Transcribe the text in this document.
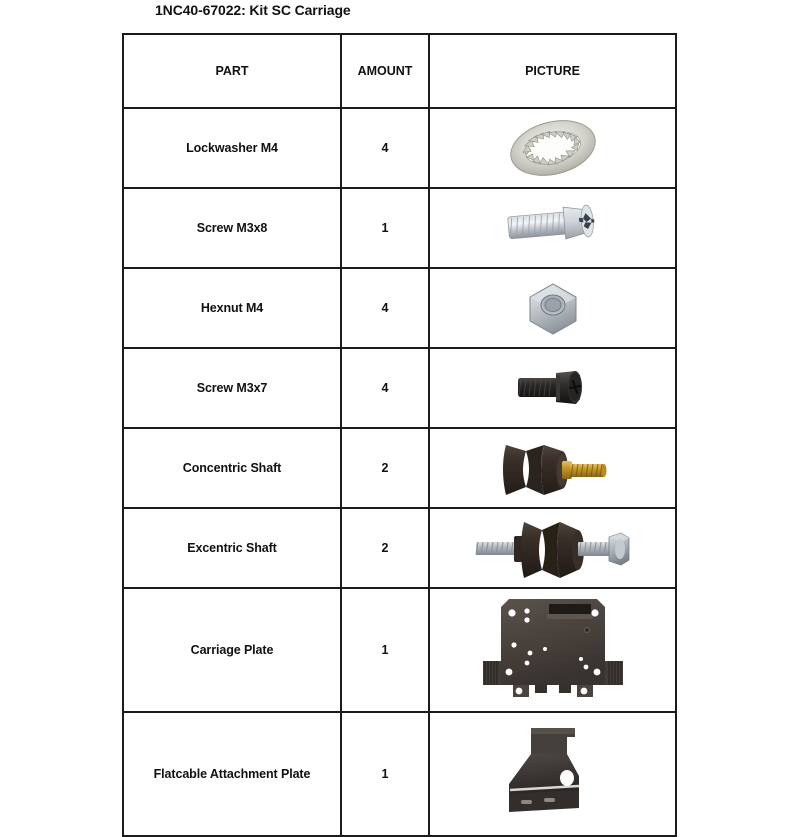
1NC40-67022: Kit SC Carriage
PART	AMOUNT	PICTURE
Lockwasher M4	4	

Screw M3x8	1	

Hexnut M4	4	

Screw M3x7	4	

Concentric Shaft	2	

Excentric Shaft	2	

Carriage Plate	1	

Flatcable Attachment Plate	1	
